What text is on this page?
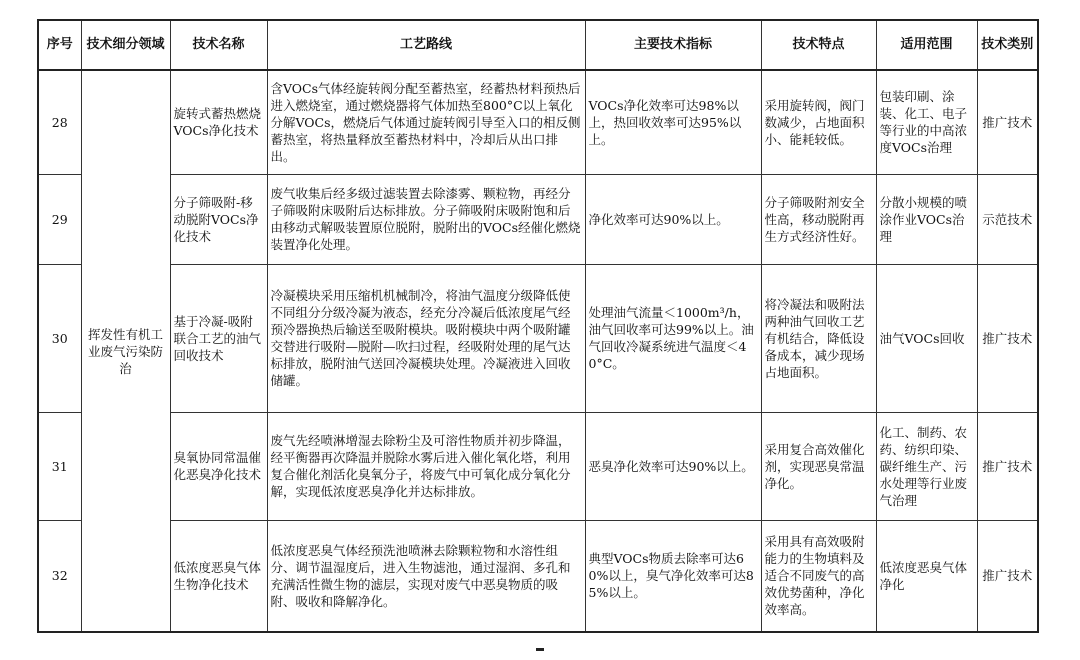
序号	技术细分领域	技术名称	工艺路线	主要技术指标	技术特点	适用范围	技术类别
28	挥发性有机工业废气污染防治	旋转式蓄热燃烧VOCs净化技术	含VOCs气体经旋转阀分配至蓄热室，经蓄热材料预热后进入燃烧室，通过燃烧器将气体加热至800°C以上氧化分解VOCs，燃烧后气体通过旋转阀引导至入口的相反侧蓄热室，将热量释放至蓄热材料中，冷却后从出口排出。	VOCs净化效率可达98%以上，热回收效率可达95%以上。	采用旋转阀，阀门数减少，占地面积小、能耗较低。	包装印刷、涂装、化工、电子等行业的中高浓度VOCs治理	推广技术
29		分子筛吸附-移动脱附VOCs净化技术	废气收集后经多级过滤装置去除漆雾、颗粒物，再经分子筛吸附床吸附后达标排放。分子筛吸附床吸附饱和后由移动式解吸装置原位脱附，脱附出的VOCs经催化燃烧装置净化处理。	净化效率可达90%以上。	分子筛吸附剂安全性高，移动脱附再生方式经济性好。	分散小规模的喷涂作业VOCs治理	示范技术
30		基于冷凝-吸附联合工艺的油气回收技术	冷凝模块采用压缩机机械制冷，将油气温度分级降低使不同组分分级冷凝为液态，经充分冷凝后低浓度尾气经预冷器换热后输送至吸附模块。吸附模块中两个吸附罐交替进行吸附—脱附—吹扫过程，经吸附处理的尾气达标排放，脱附油气送回冷凝模块处理。冷凝液进入回收储罐。	处理油气流量＜1000m³/h，油气回收率可达99%以上。油气回收冷凝系统进气温度＜40°C。	将冷凝法和吸附法两种油气回收工艺有机结合，降低设备成本，减少现场占地面积。	油气VOCs回收	推广技术
31		臭氧协同常温催化恶臭净化技术	废气先经喷淋增湿去除粉尘及可溶性物质并初步降温，经平衡器再次降温并脱除水雾后进入催化氧化塔，利用复合催化剂活化臭氧分子，将废气中可氧化成分氧化分解，实现低浓度恶臭净化并达标排放。	恶臭净化效率可达90%以上。	采用复合高效催化剂，实现恶臭常温净化。	化工、制药、农药、纺织印染、碳纤维生产、污水处理等行业废气治理	推广技术
32		低浓度恶臭气体生物净化技术	低浓度恶臭气体经预洗池喷淋去除颗粒物和水溶性组分、调节温湿度后，进入生物滤池，通过湿润、多孔和充满活性微生物的滤层，实现对废气中恶臭物质的吸附、吸收和降解净化。	典型VOCs物质去除率可达60%以上，臭气净化效率可达85%以上。	采用具有高效吸附能力的生物填料及适合不同废气的高效优势菌种，净化效率高。	低浓度恶臭气体净化	推广技术
